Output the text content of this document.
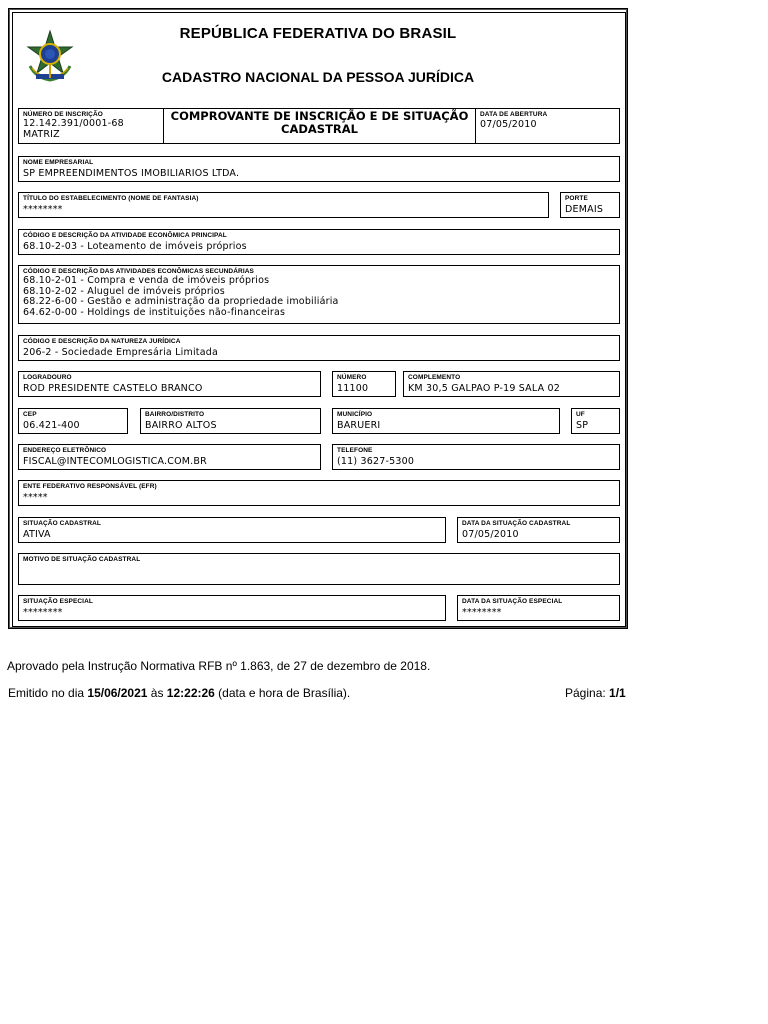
REPÚBLICA FEDERATIVA DO BRASIL
CADASTRO NACIONAL DA PESSOA JURÍDICA
NÚMERO DE INSCRIÇÃO
12.142.391/0001-68
MATRIZ
COMPROVANTE DE INSCRIÇÃO E DE SITUAÇÃO
CADASTRAL
DATA DE ABERTURA
07/05/2010
NOME EMPRESARIAL
SP EMPREENDIMENTOS IMOBILIARIOS LTDA.
TÍTULO DO ESTABELECIMENTO (NOME DE FANTASIA)
********
PORTE
DEMAIS
CÓDIGO E DESCRIÇÃO DA ATIVIDADE ECONÔMICA PRINCIPAL
68.10-2-03 - Loteamento de imóveis próprios
CÓDIGO E DESCRIÇÃO DAS ATIVIDADES ECONÔMICAS SECUNDÁRIAS
68.10-2-01 - Compra e venda de imóveis próprios
68.10-2-02 - Aluguel de imóveis próprios
68.22-6-00 - Gestão e administração da propriedade imobiliária
64.62-0-00 - Holdings de instituições não-financeiras
CÓDIGO E DESCRIÇÃO DA NATUREZA JURÍDICA
206-2 - Sociedade Empresária Limitada
LOGRADOURO
ROD PRESIDENTE CASTELO BRANCO
NÚMERO
11100
COMPLEMENTO
KM 30,5 GALPAO P-19 SALA 02
CEP
06.421-400
BAIRRO/DISTRITO
BAIRRO ALTOS
MUNICÍPIO
BARUERI
UF
SP
ENDEREÇO ELETRÔNICO
FISCAL@INTECOMLOGISTICA.COM.BR
TELEFONE
(11) 3627-5300
ENTE FEDERATIVO RESPONSÁVEL (EFR)
*****
SITUAÇÃO CADASTRAL
ATIVA
DATA DA SITUAÇÃO CADASTRAL
07/05/2010
MOTIVO DE SITUAÇÃO CADASTRAL
SITUAÇÃO ESPECIAL
********
DATA DA SITUAÇÃO ESPECIAL
********
Aprovado pela Instrução Normativa RFB nº 1.863, de 27 de dezembro de 2018.
Emitido no dia 15/06/2021 às 12:22:26 (data e hora de Brasília).	Página: 1/1
